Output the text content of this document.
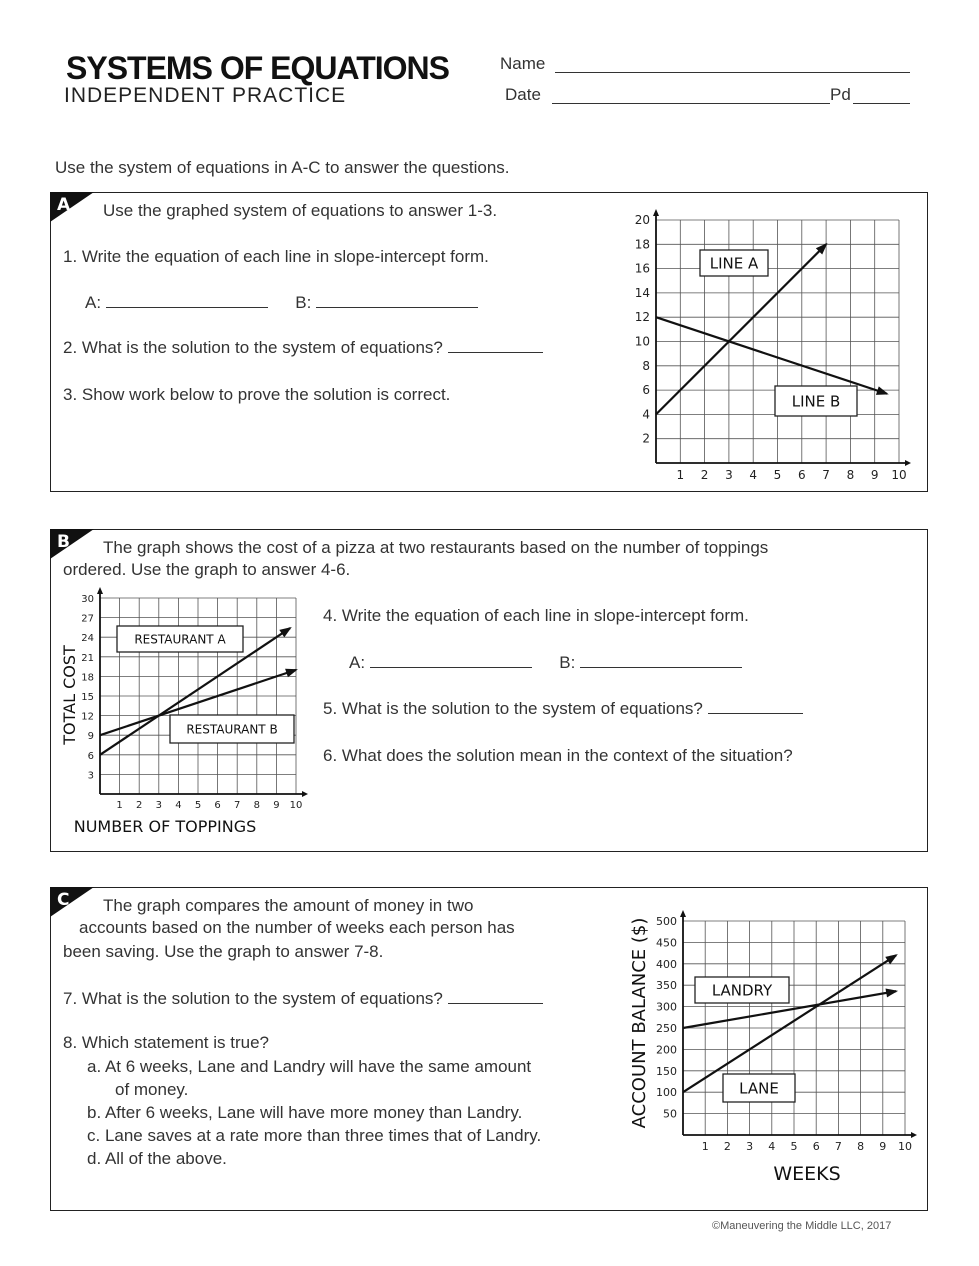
SYSTEMS OF EQUATIONS
INDEPENDENT PRACTICE
Name
Date	Pd
Use the system of equations in A-C to answer the questions.
A Use the graphed system of equations to answer 1-3.
1. Write the equation of each line in slope-intercept form.
A:	B:
2. What is the solution to the system of equations?
3. Show work below to prove the solution is correct.
B The graph shows the cost of a pizza at two restaurants based on the number of toppings
ordered. Use the graph to answer 4-6.
4. Write the equation of each line in slope-intercept form.
A:	B:
5. What is the solution to the system of equations?
6. What does the solution mean in the context of the situation?
C The graph compares the amount of money in two
accounts based on the number of weeks each person has
been saving. Use the graph to answer 7-8.
7. What is the solution to the system of equations?
8. Which statement is true?
a. At 6 weeks, Lane and Landry will have the same amount
of money.
b. After 6 weeks, Lane will have more money than Landry.
c. Lane saves at a rate more than three times that of Landry.
d. All of the above.
2
4
6
8
10
12
14
16
18
20
1 2 3 4 5 6 7 8 9 10
LINE A
LINE B
3
6
9
12
15
18
21
24
27
30
1 2 3 4 5 6 7 8 9 10
RESTAURANT A
RESTAURANT B
NUMBER OF TOPPINGS
TOTAL COST
50
100
150
200
250
300
350
400
450
500
1 2 3 4 5 6 7 8 9 10
LANDRY
LANE
WEEKS
ACCOUNT BALANCE ($)
©Maneuvering the Middle LLC, 2017
